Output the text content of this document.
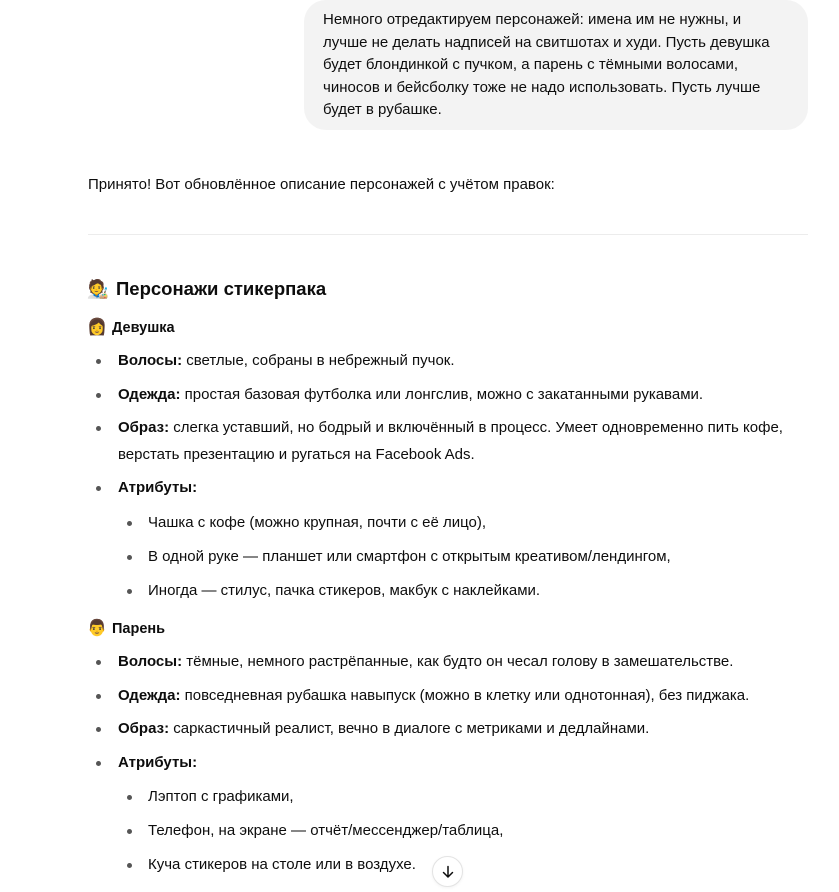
Немного отредактируем персонажей: имена им не нужны, и лучше не делать надписей на свитшотах и худи. Пусть девушка будет блондинкой с пучком, а парень с тёмными волосами, чиносов и бейсболку тоже не надо использовать. Пусть лучше будет в рубашке.

Принято! Вот обновлённое описание персонажей с учётом правок:

🧑‍🎨 Персонажи стикерпака
👩 Девушка
Волосы: светлые, собраны в небрежный пучок.
Одежда: простая базовая футболка или лонгслив, можно с закатанными рукавами.
Образ: слегка уставший, но бодрый и включённый в процесс. Умеет одновременно пить кофе, верстать презентацию и ругаться на Facebook Ads.
Атрибуты:
Чашка с кофе (можно крупная, почти с её лицо),
В одной руке — планшет или смартфон с открытым креативом/лендингом,
Иногда — стилус, пачка стикеров, макбук с наклейками.
👨 Парень
Волосы: тёмные, немного растрёпанные, как будто он чесал голову в замешательстве.
Одежда: повседневная рубашка навыпуск (можно в клетку или однотонная), без пиджака.
Образ: саркастичный реалист, вечно в диалоге с метриками и дедлайнами.
Атрибуты:
Лэптоп с графиками,
Телефон, на экране — отчёт/мессенджер/таблица,
Куча стикеров на столе или в воздухе.
